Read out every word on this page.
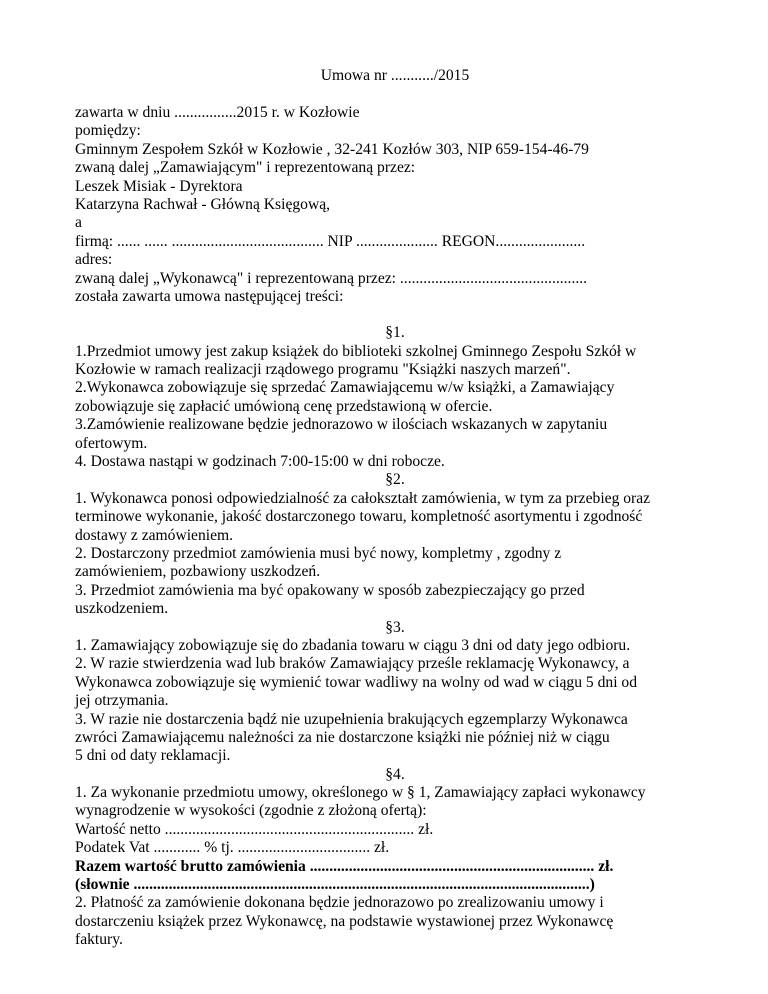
Umowa nr .........../2015
zawarta w dniu ................2015 r. w Kozłowie
pomiędzy:
Gminnym Zespołem Szkół w Kozłowie , 32-241 Kozłów 303, NIP 659-154-46-79
zwaną dalej „Zamawiającym" i reprezentowaną przez:
Leszek Misiak - Dyrektora
Katarzyna Rachwał - Główną Księgową,
a
firmą: ...... ...... ....................................... NIP ..................... REGON.......................
adres:
zwaną dalej „Wykonawcą" i reprezentowaną przez: ................................................
została zawarta umowa następującej treści:
§1.
1.Przedmiot umowy jest zakup książek do biblioteki szkolnej Gminnego Zespołu Szkół w
Kozłowie w ramach realizacji rządowego programu "Książki naszych marzeń".
2.Wykonawca zobowiązuje się sprzedać Zamawiającemu w/w książki, a Zamawiający
zobowiązuje się zapłacić umówioną cenę przedstawioną w ofercie.
3.Zamówienie realizowane będzie jednorazowo w ilościach wskazanych w zapytaniu
ofertowym.
4. Dostawa nastąpi w godzinach 7:00-15:00 w dni robocze.
§2.
1. Wykonawca ponosi odpowiedzialność za całokształt zamówienia, w tym za przebieg oraz
terminowe wykonanie, jakość dostarczonego towaru, kompletność asortymentu i zgodność
dostawy z zamówieniem.
2. Dostarczony przedmiot zamówienia musi być nowy, kompletmy , zgodny z
zamówieniem, pozbawiony uszkodzeń.
3. Przedmiot zamówienia ma być opakowany w sposób zabezpieczający go przed
uszkodzeniem.
§3.
1. Zamawiający zobowiązuje się do zbadania towaru w ciągu 3 dni od daty jego odbioru.
2. W razie stwierdzenia wad lub braków Zamawiający prześle reklamację Wykonawcy, a
Wykonawca zobowiązuje się wymienić towar wadliwy na wolny od wad w ciągu 5 dni od
jej otrzymania.
3. W razie nie dostarczenia bądź nie uzupełnienia brakujących egzemplarzy Wykonawca
zwróci Zamawiającemu należności za nie dostarczone książki nie później niż w ciągu
5 dni od daty reklamacji.
§4.
1. Za wykonanie przedmiotu umowy, określonego w § 1, Zamawiający zapłaci wykonawcy
wynagrodzenie w wysokości (zgodnie z złożoną ofertą):
Wartość netto ................................................................ zł.
Podatek Vat ............ % tj. .................................. zł.
Razem wartość brutto zamówienia ......................................................................... zł.
(słownie .....................................................................................................................)
2. Płatność za zamówienie dokonana będzie jednorazowo po zrealizowaniu umowy i
dostarczeniu książek przez Wykonawcę, na podstawie wystawionej przez Wykonawcę
faktury.
